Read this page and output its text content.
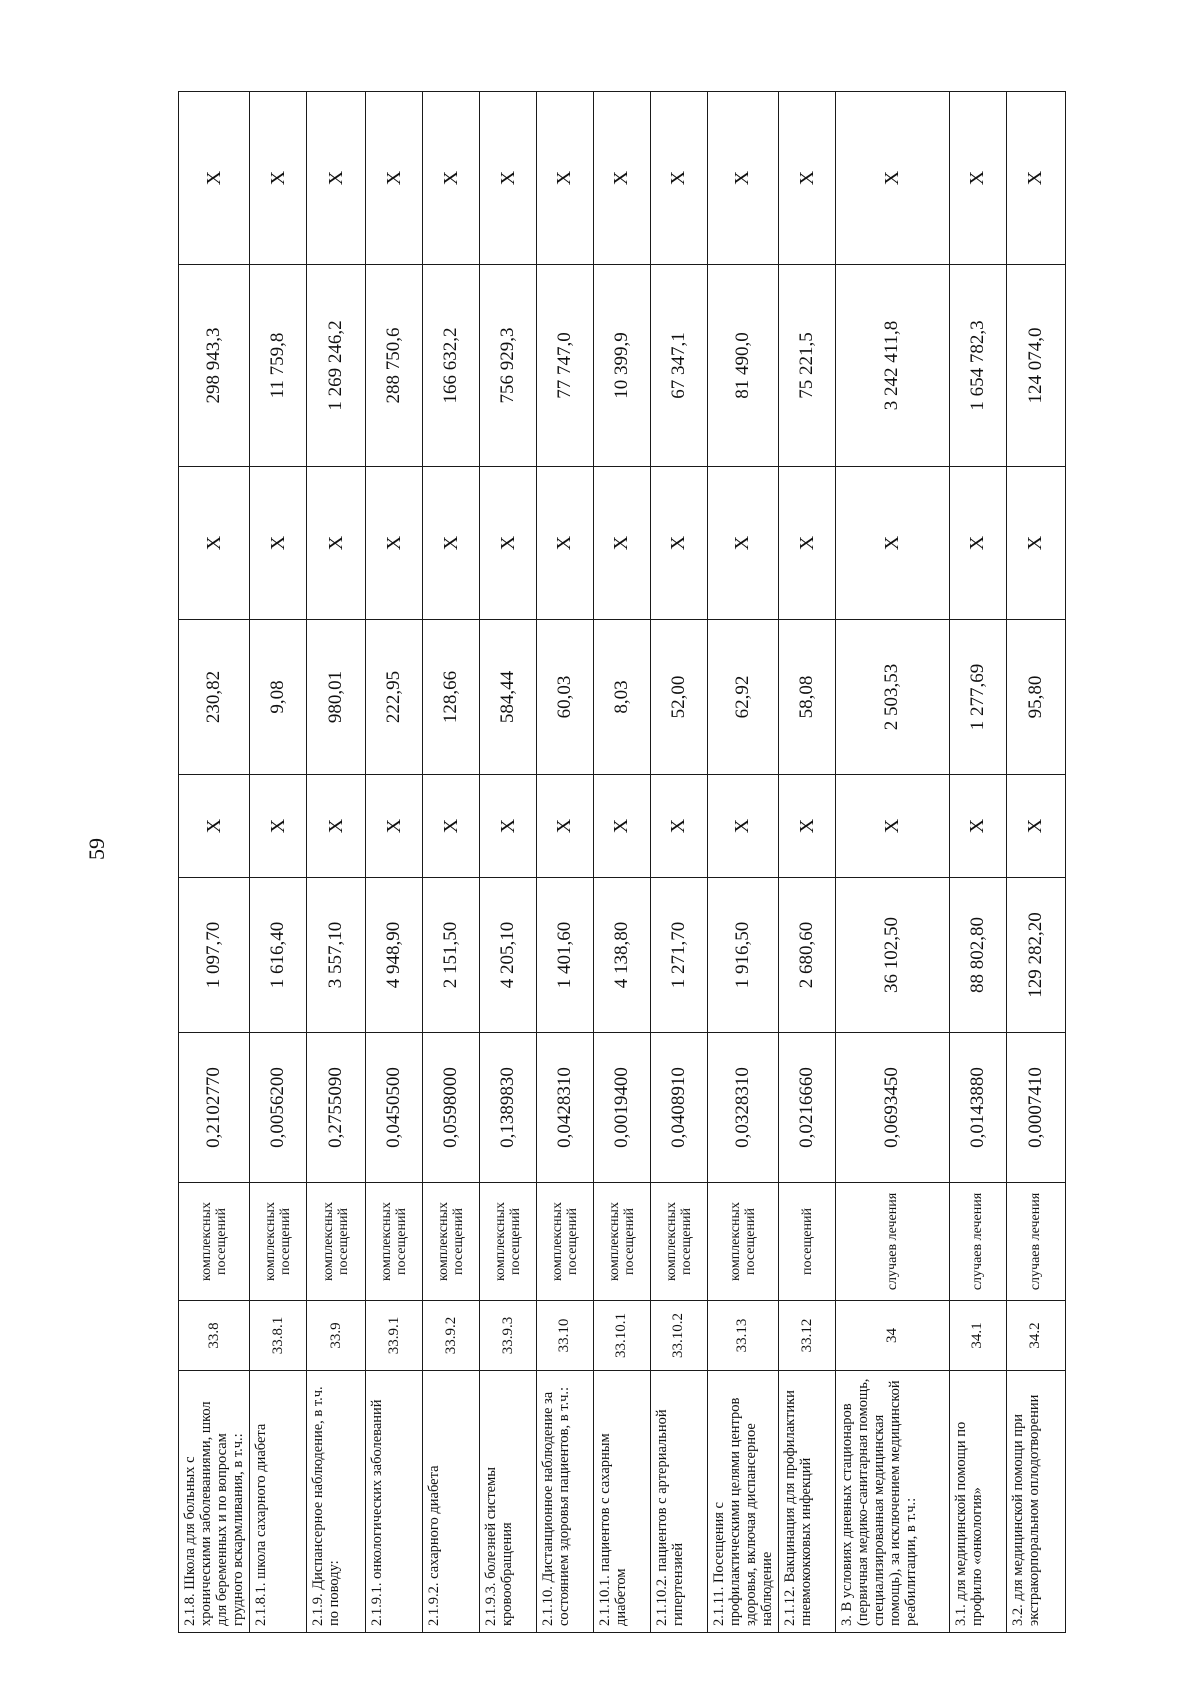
59
2.1.8. Школа для больных с хроническими заболеваниями, школ для беременных и по вопросам грудного вскармливания, в т.ч.:	33.8	комплексных посещений	0,2102770	1 097,70	Х	230,82	Х	298 943,3	Х
2.1.8.1. школа сахарного диабета	33.8.1	комплексных посещений	0,0056200	1 616,40	Х	9,08	Х	11 759,8	Х
2.1.9. Диспансерное наблюдение, в т.ч. по поводу:	33.9	комплексных посещений	0,2755090	3 557,10	Х	980,01	Х	1 269 246,2	Х
2.1.9.1. онкологических заболеваний	33.9.1	комплексных посещений	0,0450500	4 948,90	Х	222,95	Х	288 750,6	Х
2.1.9.2. сахарного диабета	33.9.2	комплексных посещений	0,0598000	2 151,50	Х	128,66	Х	166 632,2	Х
2.1.9.3. болезней системы кровообращения	33.9.3	комплексных посещений	0,1389830	4 205,10	Х	584,44	Х	756 929,3	Х
2.1.10. Дистанционное наблюдение за состоянием здоровья пациентов, в т.ч.:	33.10	комплексных посещений	0,0428310	1 401,60	Х	60,03	Х	77 747,0	Х
2.1.10.1. пациентов с сахарным диабетом	33.10.1	комплексных посещений	0,0019400	4 138,80	Х	8,03	Х	10 399,9	Х
2.1.10.2. пациентов с артериальной гипертензией	33.10.2	комплексных посещений	0,0408910	1 271,70	Х	52,00	Х	67 347,1	Х
2.1.11. Посещения с профилактическими целями центров здоровья, включая диспансерное наблюдение	33.13	комплексных посещений	0,0328310	1 916,50	Х	62,92	Х	81 490,0	Х
2.1.12. Вакцинация для профилактики пневмококковых инфекций	33.12	посещений	0,0216660	2 680,60	Х	58,08	Х	75 221,5	Х
3. В условиях дневных стационаров (первичная медико-санитарная помощь, специализированная медицинская помощь), за исключением медицинской реабилитации, в т.ч.:	34	случаев лечения	0,0693450	36 102,50	Х	2 503,53	Х	3 242 411,8	Х
3.1. для медицинской помощи по профилю «онкология»	34.1	случаев лечения	0,0143880	88 802,80	Х	1 277,69	Х	1 654 782,3	Х
3.2. для медицинской помощи при экстракорпоральном оплодотворении	34.2	случаев лечения	0,0007410	129 282,20	Х	95,80	Х	124 074,0	Х
